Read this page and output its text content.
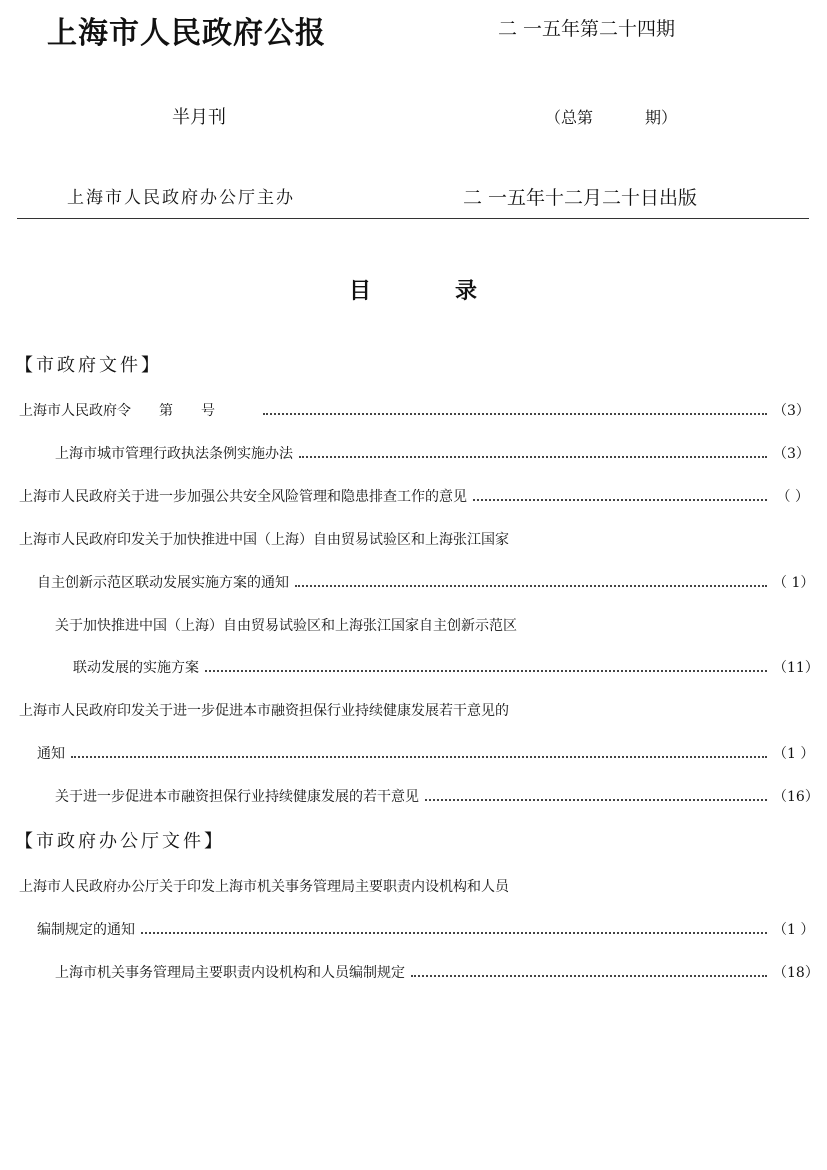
上海市人民政府公报	二 一五年第二十四期
半月刊	（总第	期）
上海市人民政府办公厅主办	二 一五年十二月二十日出版
目	录
【市政府文件】
上海市人民政府令 第 号	（3）
上海市城市管理行政执法条例实施办法	（3）
上海市人民政府关于进一步加强公共安全风险管理和隐患排查工作的意见	（ ）
上海市人民政府印发关于加快推进中国（上海）自由贸易试验区和上海张江国家
自主创新示范区联动发展实施方案的通知	（ 1）
关于加快推进中国（上海）自由贸易试验区和上海张江国家自主创新示范区
联动发展的实施方案	（11）
上海市人民政府印发关于进一步促进本市融资担保行业持续健康发展若干意见的
通知	（1 ）
关于进一步促进本市融资担保行业持续健康发展的若干意见	（16）
【市政府办公厅文件】
上海市人民政府办公厅关于印发上海市机关事务管理局主要职责内设机构和人员
编制规定的通知	（1 ）
上海市机关事务管理局主要职责内设机构和人员编制规定	（18）
